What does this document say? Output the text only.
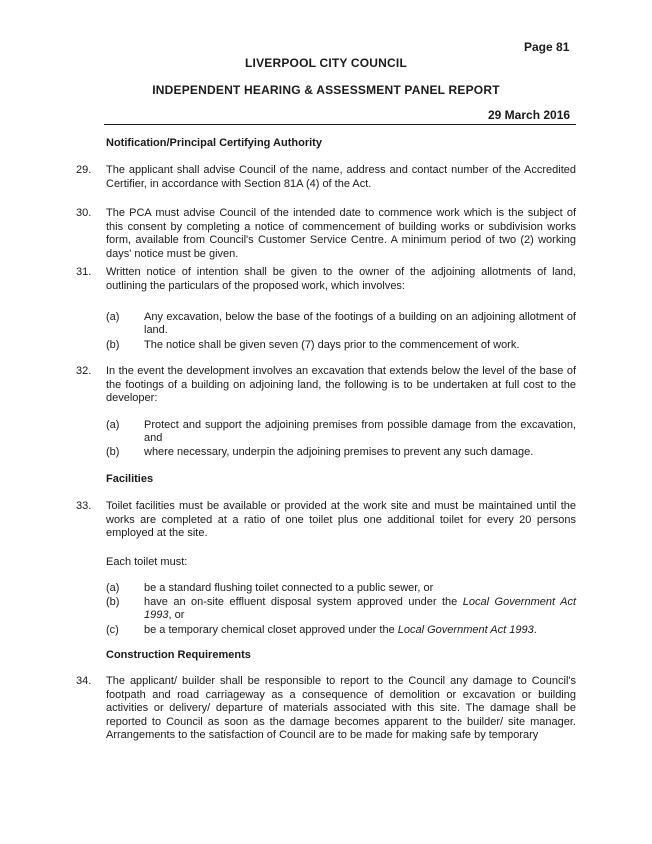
Page 81
LIVERPOOL CITY COUNCIL
INDEPENDENT HEARING & ASSESSMENT PANEL REPORT
29 March 2016
Notification/Principal Certifying Authority
29. The applicant shall advise Council of the name, address and contact number of the Accredited Certifier, in accordance with Section 81A (4) of the Act.
30. The PCA must advise Council of the intended date to commence work which is the subject of this consent by completing a notice of commencement of building works or subdivision works form, available from Council's Customer Service Centre. A minimum period of two (2) working days' notice must be given.
31. Written notice of intention shall be given to the owner of the adjoining allotments of land, outlining the particulars of the proposed work, which involves:
(a) Any excavation, below the base of the footings of a building on an adjoining allotment of land.
(b) The notice shall be given seven (7) days prior to the commencement of work.
32. In the event the development involves an excavation that extends below the level of the base of the footings of a building on adjoining land, the following is to be undertaken at full cost to the developer:
(a) Protect and support the adjoining premises from possible damage from the excavation, and
(b) where necessary, underpin the adjoining premises to prevent any such damage.
Facilities
33. Toilet facilities must be available or provided at the work site and must be maintained until the works are completed at a ratio of one toilet plus one additional toilet for every 20 persons employed at the site.
Each toilet must:
(a) be a standard flushing toilet connected to a public sewer, or
(b) have an on-site effluent disposal system approved under the Local Government Act 1993, or
(c) be a temporary chemical closet approved under the Local Government Act 1993.
Construction Requirements
34. The applicant/ builder shall be responsible to report to the Council any damage to Council's footpath and road carriageway as a consequence of demolition or excavation or building activities or delivery/ departure of materials associated with this site. The damage shall be reported to Council as soon as the damage becomes apparent to the builder/ site manager. Arrangements to the satisfaction of Council are to be made for making safe by temporary
